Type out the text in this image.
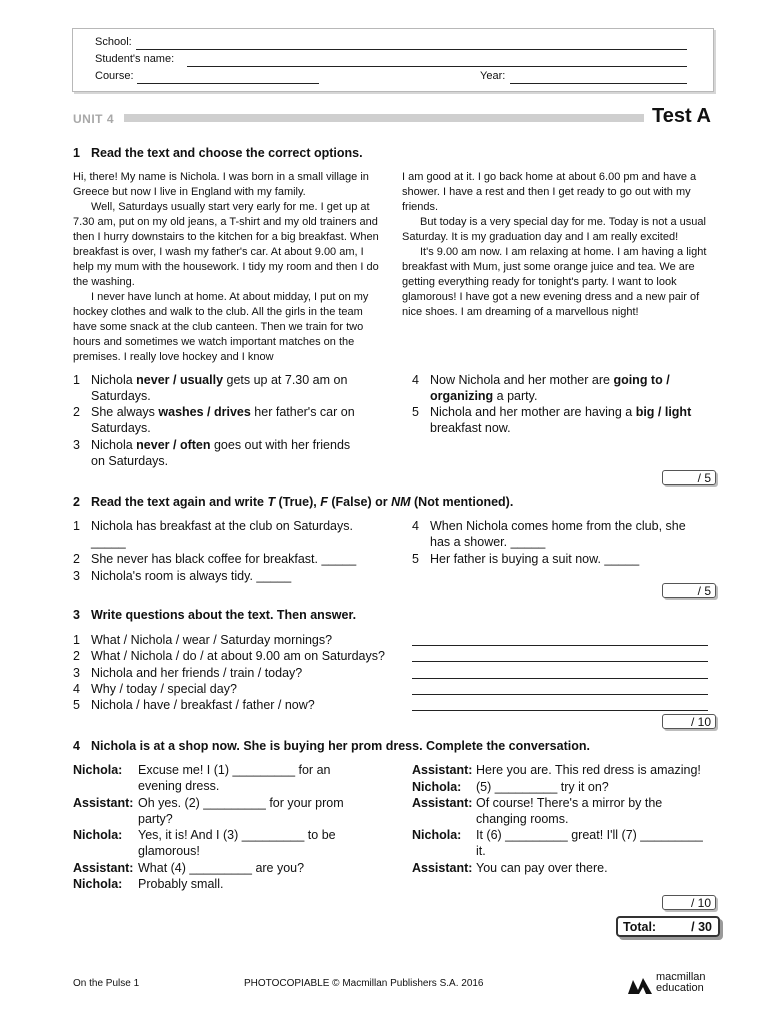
School:
Student's name:
Course:	Year:
UNIT 4	Test A
1 Read the text and choose the correct options.

Hi, there! My name is Nichola. I was born in a small village in Greece but now I live in England with my family.

Well, Saturdays usually start very early for me. I get up at 7.30 am, put on my old jeans, a T-shirt and my old trainers and then I hurry downstairs to the kitchen for a big breakfast. When breakfast is over, I wash my father's car. At about 9.00 am, I help my mum with the housework. I tidy my room and then I do the washing.

I never have lunch at home. At about midday, I put on my hockey clothes and walk to the club. All the girls in the team have some snack at the club canteen. Then we train for two hours and sometimes we watch important matches on the premises. I really love hockey and I know

I am good at it. I go back home at about 6.00 pm and have a shower. I have a rest and then I get ready to go out with my friends.

But today is a very special day for me. Today is not a usual Saturday. It is my graduation day and I am really excited!

It's 9.00 am now. I am relaxing at home. I am having a light breakfast with Mum, just some orange juice and tea. We are getting everything ready for tonight's party. I want to look glamorous! I have got a new evening dress and a new pair of nice shoes. I am dreaming of a marvellous night!

1 Nichola never / usually gets up at 7.30 am on
Saturdays.
2 She always washes / drives her father's car on
Saturdays.
3 Nichola never / often goes out with her friends
on Saturdays.
4 Now Nichola and her mother are going to /
organizing a party.
5 Nichola and her mother are having a big / light
breakfast now.
/ 5
2 Read the text again and write T (True), F (False) or NM (Not mentioned).
1 Nichola has breakfast at the club on Saturdays.
_____
2 She never has black coffee for breakfast. _____
3 Nichola's room is always tidy. _____
4 When Nichola comes home from the club, she
has a shower. _____
5 Her father is buying a suit now. _____
/ 5
3 Write questions about the text. Then answer.
1 What / Nichola / wear / Saturday mornings?
2 What / Nichola / do / at about 9.00 am on Saturdays?
3 Nichola and her friends / train / today?
4 Why / today / special day?
5 Nichola / have / breakfast / father / now?
/ 10
4 Nichola is at a shop now. She is buying her prom dress. Complete the conversation.
Nichola: Excuse me! I (1) _________ for an
evening dress.
Assistant: Oh yes. (2) _________ for your prom
party?
Nichola: Yes, it is! And I (3) _________ to be
glamorous!
Assistant: What (4) _________ are you?
Nichola: Probably small.
Assistant: Here you are. This red dress is amazing!
Nichola: (5) _________ try it on?
Assistant: Of course! There's a mirror by the
changing rooms.
Nichola: It (6) _________ great! I'll (7) _________
it.
Assistant: You can pay over there.
/ 10
Total:	/ 30
On the Pulse 1	PHOTOCOPIABLE © Macmillan Publishers S.A. 2016
macmillan
education
